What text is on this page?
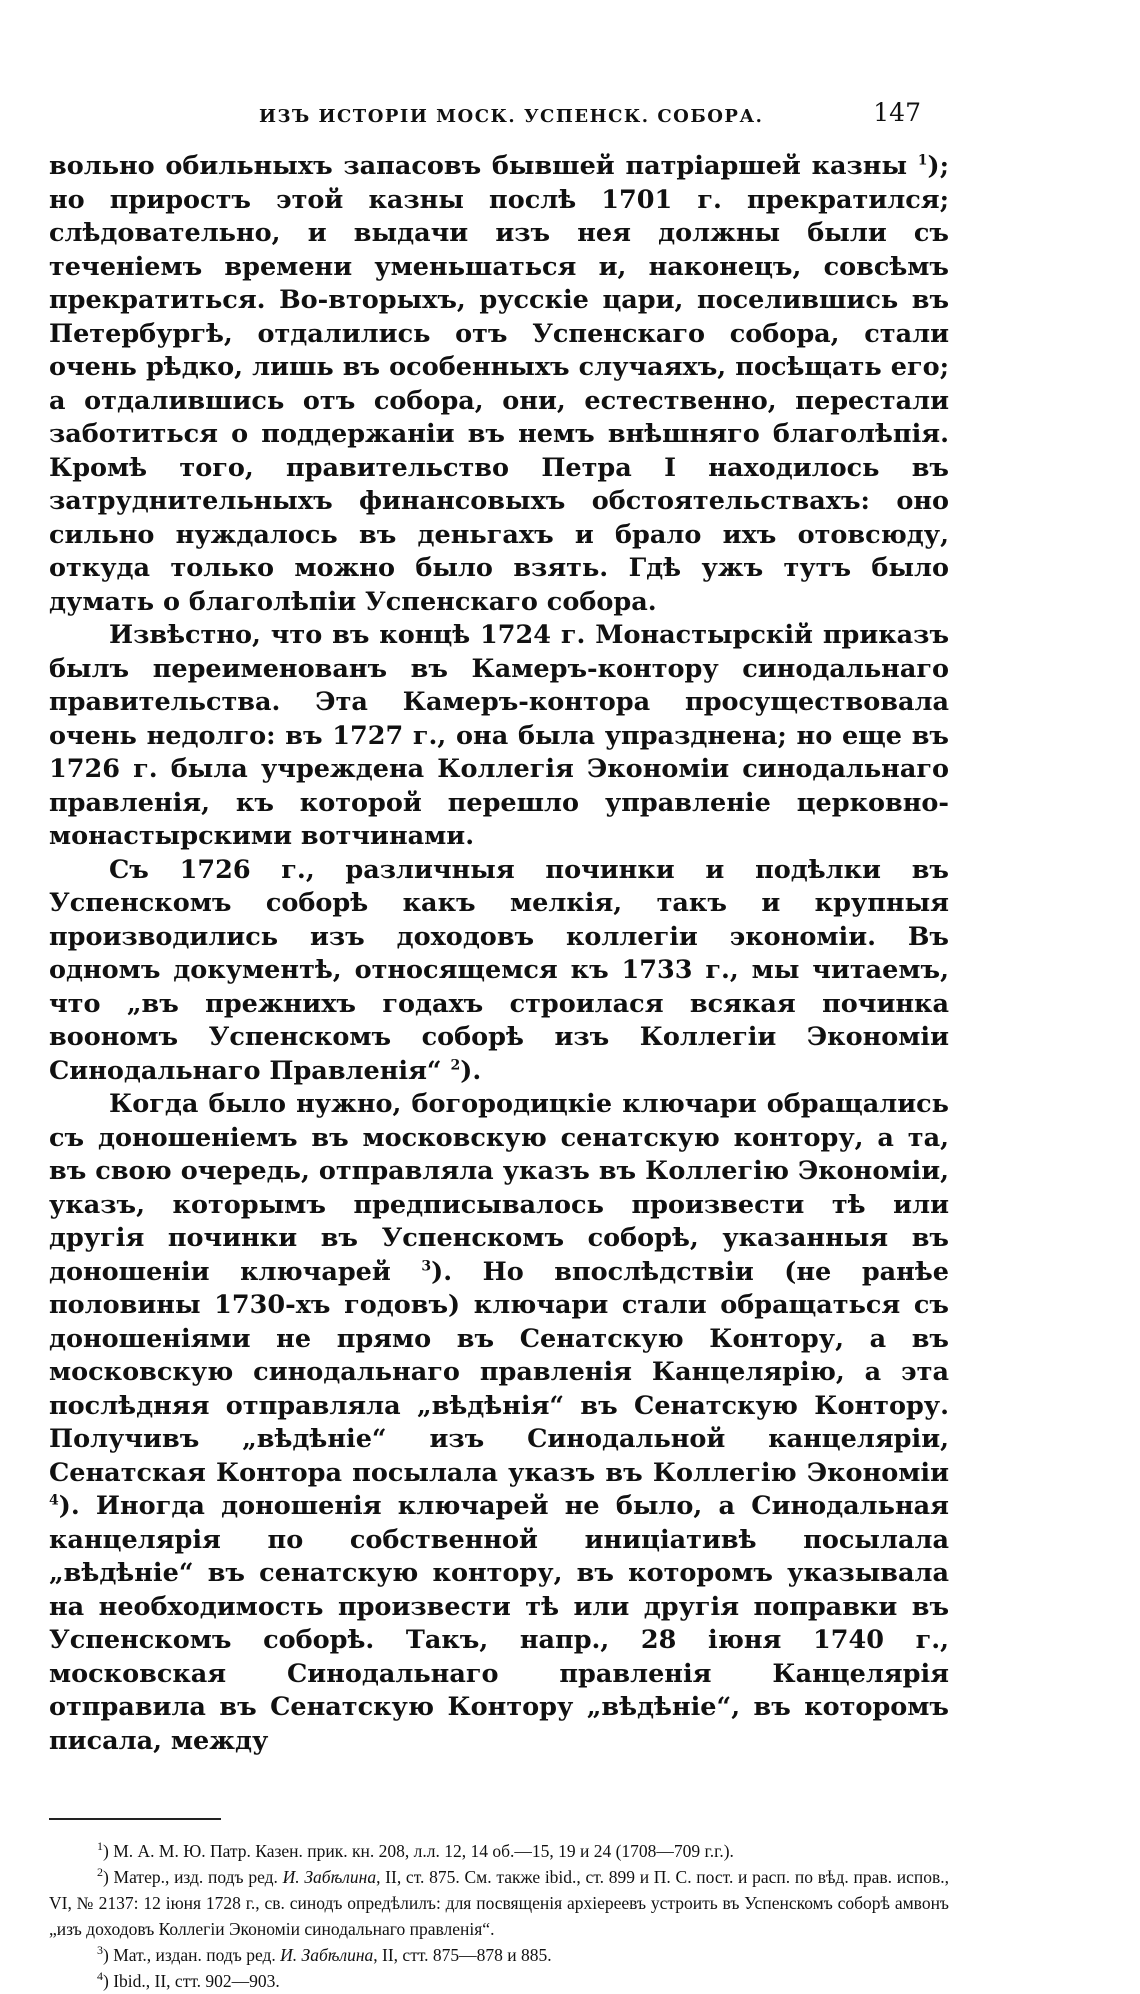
ИЗЪ ИСТОРІИ МОСК. УСПЕНСК. СОБОРА.	147

вольно обильныхъ запасовъ бывшей патріаршей казны $^1$); но приростъ этой казны послѣ 1701 г. прекратился; слѣдовательно, и выдачи изъ нея должны были съ теченіемъ времени уменьшаться и, наконецъ, совсѣмъ прекратиться. Во-вторыхъ, русскіе цари, поселившись въ Петербургѣ, отдалились отъ Успенскаго собора, стали очень рѣдко, лишь въ особенныхъ случаяхъ, посѣщать его; а отдалившись отъ собора, они, естественно, перестали заботиться о поддержаніи въ немъ внѣшняго благолѣпія. Кромѣ того, правительство Петра I находилось въ затруднительныхъ финансовыхъ обстоятельствахъ: оно сильно нуждалось въ деньгахъ и брало ихъ отовсюду, откуда только можно было взять. Гдѣ ужъ тутъ было думать о благолѣпіи Успенскаго собора.

Извѣстно, что въ концѣ 1724 г. Монастырскій приказъ былъ переименованъ въ Камеръ-контору синодальнаго правительства. Эта Камеръ-контора просуществовала очень недолго: въ 1727 г., она была упразднена; но еще въ 1726 г. была учреждена Коллегія Экономіи синодальнаго правленія, къ которой перешло управленіе церковно-монастырскими вотчинами.

Съ 1726 г., различныя починки и подѣлки въ Успенскомъ соборѣ какъ мелкія, такъ и крупныя производились изъ доходовъ коллегіи экономіи. Въ одномъ документѣ, относящемся къ 1733 г., мы читаемъ, что „въ прежнихъ годахъ строилася всякая починка воономъ Успенскомъ соборѣ изъ Коллегіи Экономіи Синодальнаго Правленія“ $^2$).

Когда было нужно, богородицкіе ключари обращались съ доношеніемъ въ московскую сенатскую контору, а та, въ свою очередь, отправляла указъ въ Коллегію Экономіи, указъ, которымъ предписывалось произвести тѣ или другія починки въ Успенскомъ соборѣ, указанныя въ доношеніи ключарей $^3$). Но впослѣдствіи (не ранѣе половины 1730-хъ годовъ) ключари стали обращаться съ доношеніями не прямо въ Сенатскую Контору, а въ московскую синодальнаго правленія Канцелярію, а эта послѣдняя отправляла „вѣдѣнія“ въ Сенатскую Контору. Получивъ „вѣдѣніе“ изъ Синодальной канцеляріи, Сенатская Контора посылала указъ въ Коллегію Экономіи $^4$). Иногда доношенія ключарей не было, а Синодальная канцелярія по собственной иниціативѣ посылала „вѣдѣніе“ въ сенатскую контору, въ которомъ указывала на необходимость произвести тѣ или другія поправки въ Успенскомъ соборѣ. Такъ, напр., 28 іюня 1740 г., московская Синодальнаго правленія Канцелярія отправила въ Сенатскую Контору „вѣдѣніе“, въ которомъ писала, между

$^1$) М. А. М. Ю. Патр. Казен. прик. кн. 208, л.л. 12, 14 об.—15, 19 и 24 (1708—709 г.г.).

$^2$) Матер., изд. подъ ред. И. Забѣлина, II, ст. 875. См. также ibid., ст. 899 и П. С. пост. и расп. по вѣд. прав. испов., VI, № 2137: 12 іюня 1728 г., св. синодъ опредѣлилъ: для посвященія архіереевъ устроить въ Успенскомъ соборѣ амвонъ „изъ доходовъ Коллегіи Экономіи синодальнаго правленія“.

$^3$) Мат., издан. подъ ред. И. Забѣлина, II, стт. 875—878 и 885.

$^4$) Ibid., II, стт. 902—903.
